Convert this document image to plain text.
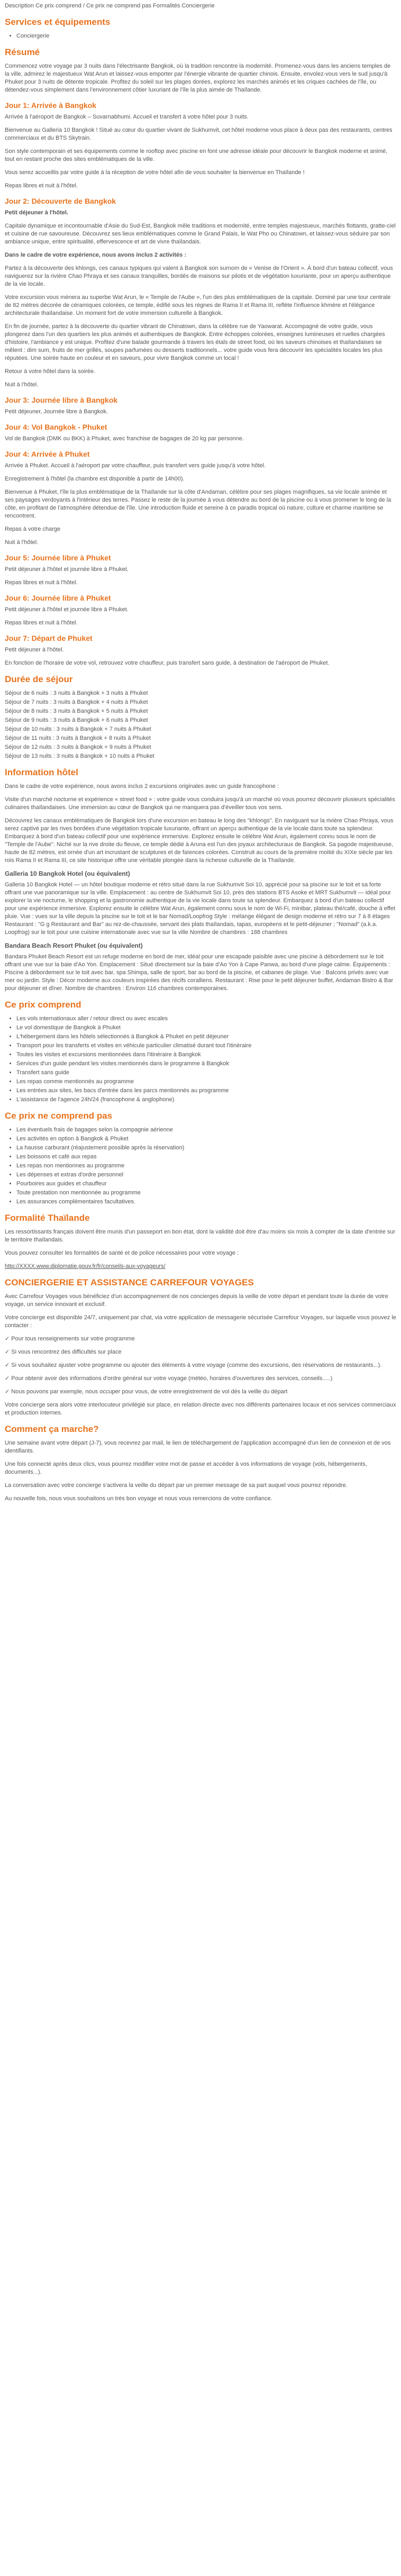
Description Ce prix comprend / Ce prix ne comprend pas Formalités Conciergerie

Services et équipements
• Conciergerie
Résumé

Commencez votre voyage par 3 nuits dans l'électrisante Bangkok, où la tradition rencontre la modernité. Promenez-vous dans les anciens temples de la ville, admirez le majestueux Wat Arun et laissez-vous emporter par l'énergie vibrante de quartier chinois. Ensuite, envolez-vous vers le sud jusqu'à Phuket pour 3 nuits de détente tropicale. Profitez du soleil sur les plages dorées, explorez les marchés animés et les criques cachées de l'île, ou détendez-vous simplement dans l'environnement côtier luxuriant de l'île la plus aimée de Thaïlande.

Jour 1: Arrivée à Bangkok

Arrivée à l'aéroport de Bangkok – Suvarnabhumi. Accueil et transfert à votre hôtel pour 3 nuits.

Bienvenue au Galleria 10 Bangkok ! Situé au cœur du quartier vivant de Sukhumvit, cet hôtel moderne vous place à deux pas des restaurants, centres commerciaux et du BTS Skytrain.

Son style contemporain et ses équipements comme le rooftop avec piscine en font une adresse idéale pour découvrir le Bangkok moderne et animé, tout en restant proche des sites emblématiques de la ville.

Vous serez accueillis par votre guide à la réception de votre hôtel afin de vous souhaiter la bienvenue en Thaïlande !

Repas libres et nuit à l'hôtel.

Jour 2: Découverte de Bangkok

Petit déjeuner à l'hôtel.

Capitale dynamique et incontournable d'Asie du Sud-Est, Bangkok mêle traditions et modernité, entre temples majestueux, marchés flottants, gratte-ciel et cuisine de rue savoureuse. Découvrez ses lieux emblématiques comme le Grand Palais, le Wat Pho ou Chinatown, et laissez-vous séduire par son ambiance unique, entre spiritualité, effervescence et art de vivre thaïlandais.

Dans le cadre de votre expérience, nous avons inclus 2 activités :

Partez à la découverte des khlongs, ces canaux typiques qui valent à Bangkok son surnom de « Venise de l'Orient ». À bord d'un bateau collectif, vous naviguerez sur la rivière Chao Phraya et ses canaux tranquilles, bordés de maisons sur pilotis et de végétation luxuriante, pour un aperçu authentique de la vie locale.

Votre excursion vous mènera au superbe Wat Arun, le « Temple de l'Aube », l'un des plus emblématiques de la capitale. Dominé par une tour centrale de 82 mètres décorée de céramiques colorées, ce temple, édifié sous les règnes de Rama II et Rama III, reflète l'influence khmère et l'élégance architecturale thaïlandaise. Un moment fort de votre immersion culturelle à Bangkok.

En fin de journée, partez à la découverte du quartier vibrant de Chinatown, dans la célèbre rue de Yaowarat. Accompagné de votre guide, vous plongerez dans l'un des quartiers les plus animés et authentiques de Bangkok. Entre échoppes colorées, enseignes lumineuses et ruelles chargées d'histoire, l'ambiance y est unique. Profitez d'une balade gourmande à travers les étals de street food, où les saveurs chinoises et thaïlandaises se mêlent : dim sum, fruits de mer grillés, soupes parfumées ou desserts traditionnels... votre guide vous fera découvrir les spécialités locales les plus réputées. Une soirée haute en couleur et en saveurs, pour vivre Bangkok comme un local !

Retour à votre hôtel dans la soirée.

Nuit à l'hôtel.

Jour 3: Journée libre à Bangkok

Petit déjeuner, Journée libre à Bangkok.

Jour 4: Vol Bangkok - Phuket

Vol de Bangkok (DMK ou BKK) à Phuket, avec franchise de bagages de 20 kg par personne.

Jour 4: Arrivée à Phuket

Arrivée à Phuket. Accueil à l'aéroport par votre chauffeur, puis transfert vers guide jusqu'à votre hôtel.

Enregistrement à l'hôtel (la chambre est disponible à partir de 14h00).

Bienvenue à Phuket, l'île la plus emblématique de la Thaïlande sur la côte d'Andaman, célèbre pour ses plages magnifiques, sa vie locale animée et ses paysages verdoyants à l'intérieur des terres. Passez le reste de la journée à vous détendre au bord de la piscine ou à vous promener le long de la côte, en profitant de l'atmosphère détendue de l'île. Une introduction fluide et sereine à ce paradis tropical où nature, culture et charme maritime se rencontrent.

Repas à votre charge

Nuit à l'hôtel.

Jour 5: Journée libre à Phuket

Petit déjeuner à l'hôtel et journée libre à Phuket.

Repas libres et nuit à l'hôtel.

Jour 6: Journée libre à Phuket

Petit déjeuner à l'hôtel et journée libre à Phuket.

Repas libres et nuit à l'hôtel.

Jour 7: Départ de Phuket

Petit déjeuner à l'hôtel.

En fonction de l'horaire de votre vol, retrouvez votre chauffeur, puis transfert sans guide, à destination de l'aéroport de Phuket.

Durée de séjour
Séjour de 6 nuits : 3 nuits à Bangkok + 3 nuits à Phuket
Séjour de 7 nuits : 3 nuits à Bangkok + 4 nuits à Phuket
Séjour de 8 nuits : 3 nuits à Bangkok + 5 nuits à Phuket
Séjour de 9 nuits : 3 nuits à Bangkok + 6 nuits à Phuket
Séjour de 10 nuits : 3 nuits à Bangkok + 7 nuits à Phuket
Séjour de 11 nuits : 3 nuits à Bangkok + 8 nuits à Phuket
Séjour de 12 nuits : 3 nuits à Bangkok + 9 nuits à Phuket
Séjour de 13 nuits : 3 nuits à Bangkok + 10 nuits à Phuket
Information hôtel

Dans le cadre de votre expérience, nous avons inclus 2 excursions originales avec un guide francophone :

Visite d'un marché nocturne et expérience « street food » : votre guide vous conduira jusqu'à un marché où vous pourrez découvrir plusieurs spécialités culinaires thaïlandaises. Une immersion au cœur de Bangkok qui ne manquera pas d'éveiller tous vos sens.

Découvrez les canaux emblématiques de Bangkok lors d'une excursion en bateau le long des "khlongs". En naviguant sur la rivière Chao Phraya, vous serez captivé par les rives bordées d'une végétation tropicale luxuriante, offrant un aperçu authentique de la vie locale dans toute sa splendeur. Embarquez à bord d'un bateau collectif pour une expérience immersive. Explorez ensuite le célèbre Wat Arun, également connu sous le nom de "Temple de l'Aube". Niché sur la rive droite du fleuve, ce temple dédié à Aruna est l'un des joyaux architecturaux de Bangkok. Sa pagode majestueuse, haute de 82 mètres, est ornée d'un art incrustant de sculptures et de faïences colorées. Construit au cours de la première moitié du XIXe siècle par les rois Rama II et Rama III, ce site historique offre une véritable plongée dans la richesse culturelle de la Thaïlande.

Galleria 10 Bangkok Hotel (ou équivalent)

Galleria 10 Bangkok Hotel — un hôtel boutique moderne et rétro situé dans la rue Sukhumvit Soi 10, apprécié pour sa piscine sur le toit et sa forte offrant une vue panoramique sur la ville. Emplacement : au centre de Sukhumvit Soi 10, près des stations BTS Asoke et MRT Sukhumvit — idéal pour explorer la vie nocturne, le shopping et la gastronomie authentique de la vie locale dans toute sa splendeur. Embarquez à bord d'un bateau collectif pour une expérience immersive. Explorez ensuite le célèbre Wat Arun, également connu sous le nom de Wi-Fi, minibar, plateau thé/café, douche à effet pluie. Vue : vues sur la ville depuis la piscine sur le toit et le bar Nomad/Loopfrog Style : mélange élégant de design moderne et rétro sur 7 à 8 étages Restaurant : "G g Restaurant and Bar" au rez-de-chaussée, servant des plats thaïlandais, tapas, européens et le petit-déjeuner ; "Nomad" (a.k.a. Loopfrog) sur le toit pour une cuisine internationale avec vue sur la ville Nombre de chambres : 188 chambres

Bandara Beach Resort Phuket (ou équivalent)

Bandara Phuket Beach Resort est un refuge moderne en bord de mer, idéal pour une escapade paisible avec une piscine à débordement sur le toit offrant une vue sur la baie d'Ao Yon. Emplacement : Situé directement sur la baie d'Ao Yon à Cape Panwa, au bord d'une plage calme. Équipements : Piscine à débordement sur le toit avec bar, spa Shimpa, salle de sport, bar au bord de la piscine, et cabanes de plage. Vue : Balcons privés avec vue mer ou jardin. Style : Décor moderne aux couleurs inspirées des récifs coralliens. Restaurant : Rise pour le petit déjeuner buffet, Andaman Bistro & Bar pour déjeuner et dîner. Nombre de chambres : Environ 116 chambres contemporaines.

Ce prix comprend
• Les vols internationaux aller / retour direct ou avec escales
• Le vol domestique de Bangkok à Phuket
• L'hébergement dans les hôtels sélectionnés à Bangkok & Phuket en petit déjeuner
• Transport pour les transferts et visites en véhicule particulier climatisé durant tout l'itinéraire
• Toutes les visites et excursions mentionnées dans l'itinéraire à Bangkok
• Services d'un guide pendant les visites mentionnés dans le programme à Bangkok
• Transfert sans guide
• Les repas comme mentionnés au programme
• Les entrées aux sites, les bacs d'entrée dans les parcs mentionnés au programme
• L'assistance de l'agence 24h/24 (francophone & anglophone)
Ce prix ne comprend pas
• Les éventuels frais de bagages selon la compagnie aérienne
• Les activités en option à Bangkok & Phuket
• La hausse carburant (réajustement possible après la réservation)
• Les boissons et café aux repas
• Les repas non mentionnes au programme
• Les dépenses et extras d'ordre personnel
• Pourboires aux guides et chauffeur
• Toute prestation non mentionnée au programme
• Les assurances complémentaires facultatives.
Formalité Thaïlande

Les ressortissants français doivent être munis d'un passeport en bon état, dont la validité doit être d'au moins six mois à compter de la date d'entrée sur le territoire thaïlandais.

Vous pouvez consulter les formalités de santé et de police nécessaires pour votre voyage :

http://XXXX.www.diplomatie.gouv.fr/fr/conseils-aux-voyageurs/

CONCIERGERIE ET ASSISTANCE CARREFOUR VOYAGES

Avec Carrefour Voyages vous bénéficiez d'un accompagnement de nos concierges depuis la veille de votre départ et pendant toute la durée de votre voyage, un service innovant et exclusif.

Votre concierge est disponible 24/7, uniquement par chat, via votre application de messagerie sécurisée Carrefour Voyages, sur laquelle vous pouvez le contacter :

✓ Pour tous renseignements sur votre programme

✓ Si vous rencontrez des difficultés sur place

✓ Si vous souhaitez ajuster votre programme ou ajouter des éléments à votre voyage (comme des excursions, des réservations de restaurants...).

✓ Pour obtenir avoir des informations d'ordre général sur votre voyage (météo, horaires d'ouvertures des services, conseils.....)

✓ Nous pouvons par exemple, nous occuper pour vous, de votre enregistrement de vol dès la veille du départ

Votre concierge sera alors votre interlocuteur privilégié sur place, en relation directe avec nos différents partenaires locaux et nos services commerciaux et production internes.

Comment ça marche?

Une semaine avant votre départ (J-7), vous recevrez par mail, le lien de téléchargement de l'application accompagné d'un lien de connexion et de vos identifiants.

Une fois connecté après deux clics, vous pourrez modifier votre mot de passe et accéder à vos informations de voyage (vols, hébergements, documents...).

La conversation avec votre concierge s'activera la veille du départ par un premier message de sa part auquel vous pourrez répondre.

Au nouvelle fois, nous vous souhaitons un très bon voyage et nous vous remercions de votre confiance.
